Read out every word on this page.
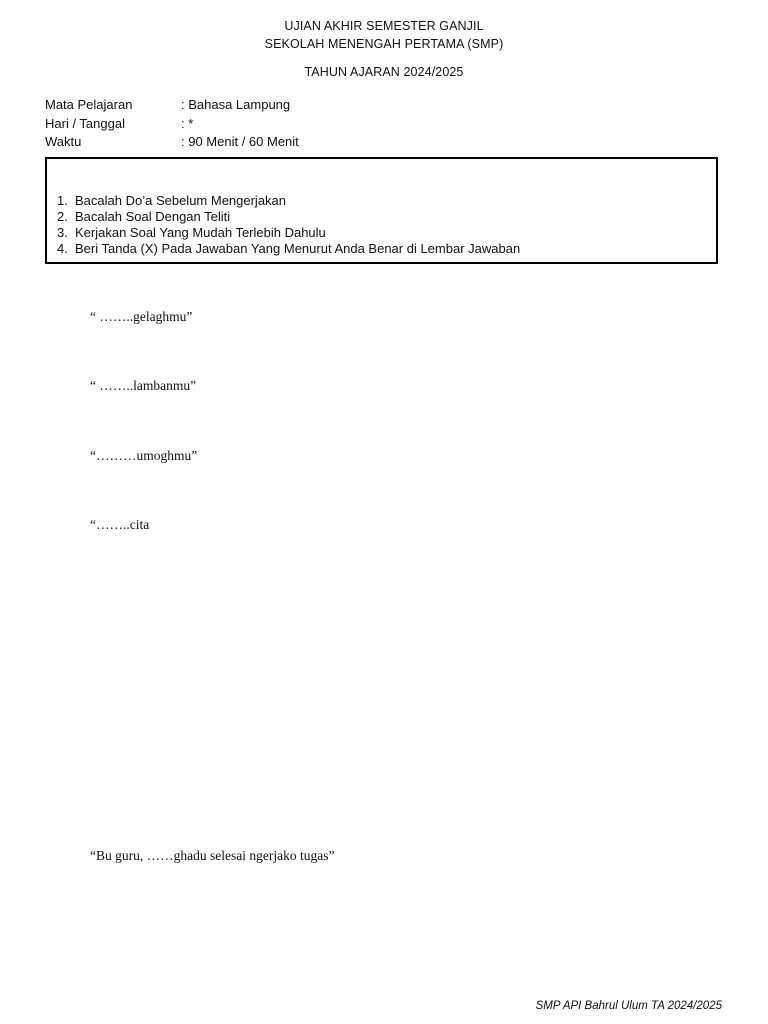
UJIAN AKHIR SEMESTER GANJIL
SEKOLAH MENENGAH PERTAMA (SMP)
TAHUN AJARAN 2024/2025
Mata Pelajaran	: Bahasa Lampung
Hari / Tanggal	: *
Waktu	: 90 Menit / 60 Menit
1. Bacalah Do’a Sebelum Mengerjakan
2. Bacalah Soal Dengan Teliti
3. Kerjakan Soal Yang Mudah Terlebih Dahulu
4. Beri Tanda (X) Pada Jawaban Yang Menurut Anda Benar di Lembar Jawaban
“ ……..gelaghmu”
“ ……..lambanmu”
“………umoghmu”
“……..cita
“Bu guru, ……ghadu selesai ngerjako tugas”
SMP API Bahrul Ulum TA 2024/2025
